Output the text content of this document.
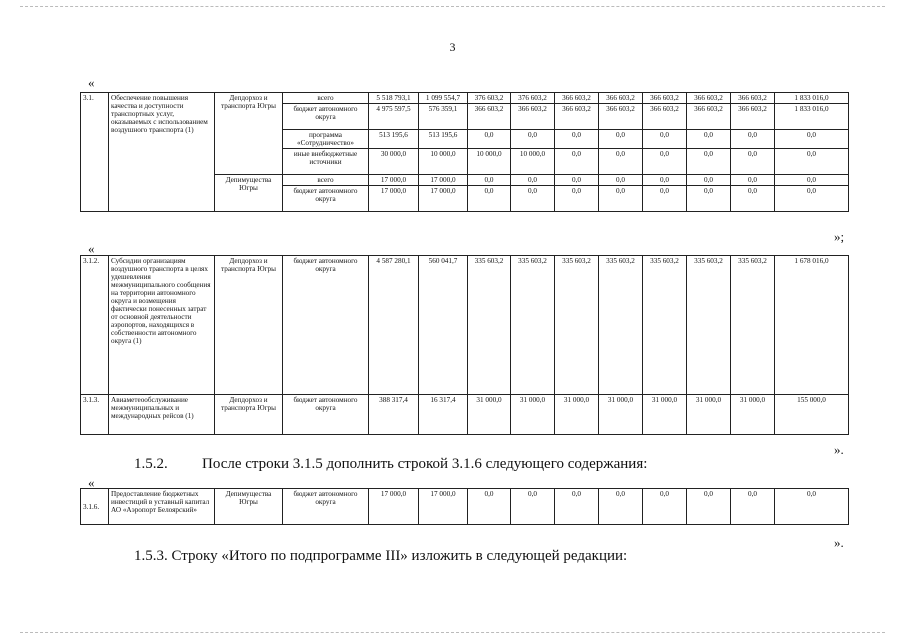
3
«
3.1.	Обеспечение повышения качества и доступности транспортных услуг, оказываемых с использованием воздушного транспорта (1)	Депдорхоз и транспорта Югры	всего	5 518 793,1	1 099 554,7	376 603,2	376 603,2	366 603,2	366 603,2	366 603,2	366 603,2	366 603,2	1 833 016,0
			бюджет автономного округа	4 975 597,5	576 359,1	366 603,2	366 603,2	366 603,2	366 603,2	366 603,2	366 603,2	366 603,2	1 833 016,0
			программа «Сотрудничество»	513 195,6	513 195,6	0,0	0,0	0,0	0,0	0,0	0,0	0,0	0,0
			иные внебюджетные источники	30 000,0	10 000,0	10 000,0	10 000,0	0,0	0,0	0,0	0,0	0,0	0,0
		Депимущества Югры	всего	17 000,0	17 000,0	0,0	0,0	0,0	0,0	0,0	0,0	0,0	0,0
			бюджет автономного округа	17 000,0	17 000,0	0,0	0,0	0,0	0,0	0,0	0,0	0,0	0,0
»;
«
3.1.2.	Субсидии организациям воздушного транспорта в целях удешевления межмуниципального сообщения на территории автономного округа и возмещения фактически понесенных затрат от основной деятельности аэропортов, находящихся в собственности автономного округа (1)	Депдорхоз и транспорта Югры	бюджет автономного округа	4 587 280,1	560 041,7	335 603,2	335 603,2	335 603,2	335 603,2	335 603,2	335 603,2	335 603,2	1 678 016,0
3.1.3.	Авиаметеообслуживание межмуниципальных и международных рейсов (1)	Депдорхоз и транспорта Югры	бюджет автономного округа	388 317,4	16 317,4	31 000,0	31 000,0	31 000,0	31 000,0	31 000,0	31 000,0	31 000,0	155 000,0
».
1.5.2. После строки 3.1.5 дополнить строкой 3.1.6 следующего содержания:
«
3.1.6.	Предоставление бюджетных инвестиций в уставный капитал АО «Аэропорт Белоярский»	Депимущества Югры	бюджет автономного округа	17 000,0	17 000,0	0,0	0,0	0,0	0,0	0,0	0,0	0,0	0,0
».
1.5.3. Строку «Итого по подпрограмме III» изложить в следующей редакции:
